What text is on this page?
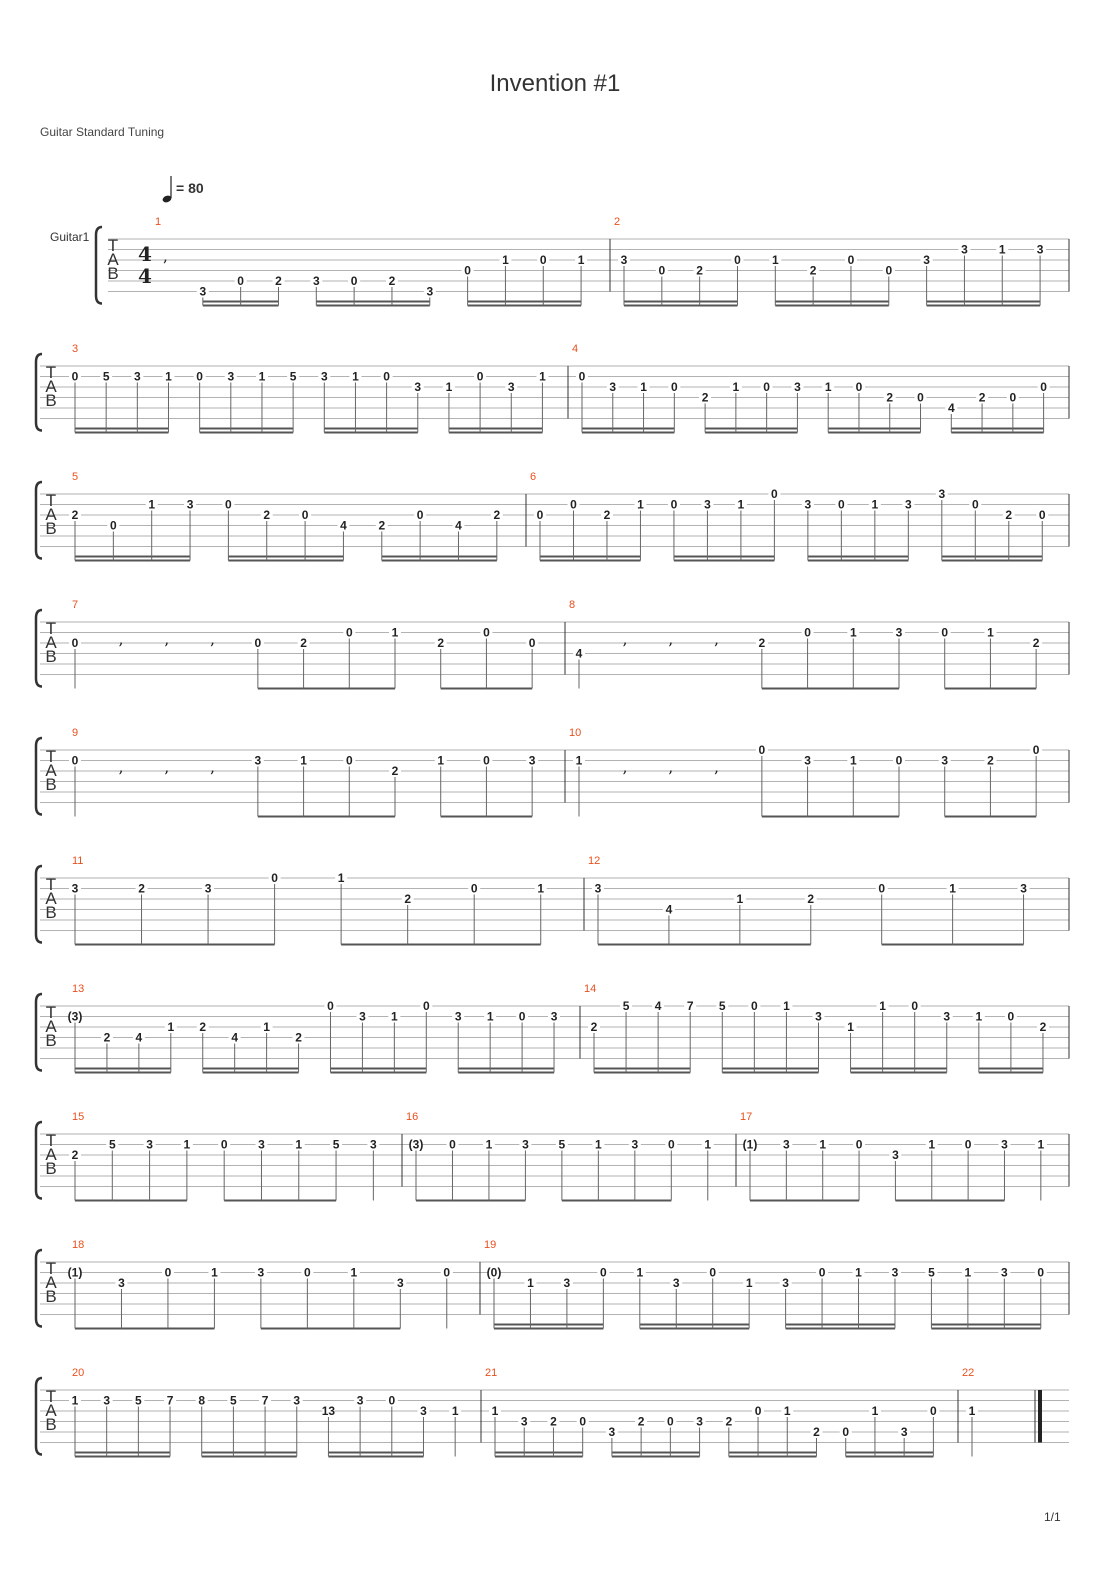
Invention #1
Guitar Standard Tuning
= 80
Guitar1
1/1
T
A
B
4
4
1
’
3
0	2	3	0	2
3
0
1	0	1
2
3
0	2
0	1
2
0
0
3
3	1	3
T
A
B
3
0 5 3 1 0 3 1 5 3 1 0
3 1
0
3
1
4
0
3 1 0
2
1 0 3 1 0
2 0
4
2 0
0
T
A
B
5
2
0
1	3	0
2	0
4	2
0
4
2
6
0
0
2
1 0 3 1
0
3 0 1 3
3
0
2 0
T
A
B
7
0 ’	’	’	0	2
0	1
2
0
0
8
4 ’	’	’	2
0	1	3	0	1
2
T
A
B
9
0
’	’	’
3	1	0
2
1	0	3
10
1
’	’	’
0
3	1	0	3	2
0
T
A
B
11
3	2	3
0	1
2
0	1
12
3
4
1	2
0	1	3
T
A
B
13
(3)
2 4
1 2
4
1
2
0
3 1
0
3 1 0 3
14
2
5 4 7 5 0 1
3
1
1 0
3 1 0
2
T
A
B
15
2
5	3	1	0	3	1	5	3
16
(3) 0 1 3 5 1 3 0 1
17
(1) 3 1 0
3
1 0 3 1
T
A
B
18
(1)
3
0	1	3	0	1
3
0
19
(0)
1 3
0 1
3
0
1 3
0 1 3 5 1 3 0
T
A
B
20
1 3 5 7 8 5 7 3
13
3 0
3 1
21
1
3 2 0
3
2 0 3 2
0 1
2 0
1
3
0
22
1
